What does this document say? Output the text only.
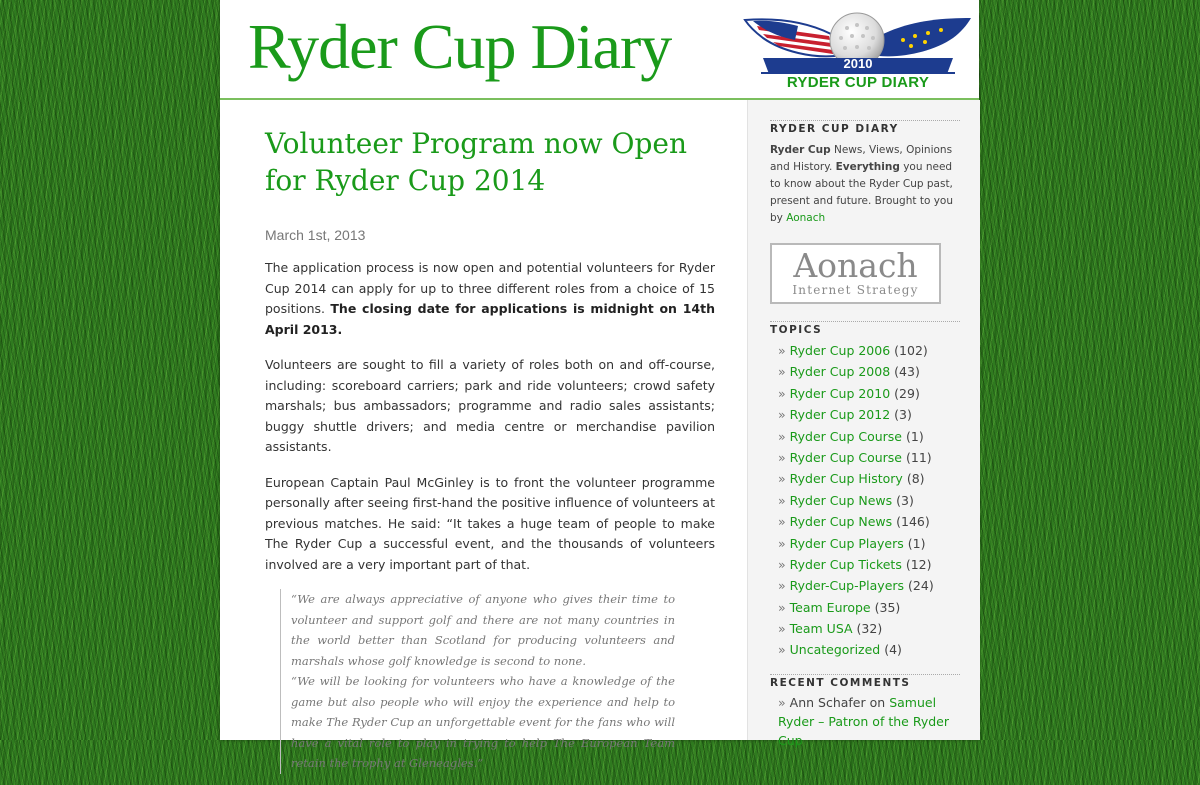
Ryder Cup Diary	2010
RYDER CUP DIARY
Volunteer Program now Open for Ryder Cup 2014
March 1st, 2013

The application process is now open and potential volunteers for Ryder Cup 2014 can apply for up to three different roles from a choice of 15 positions. The closing date for applications is midnight on 14th April 2013.

Volunteers are sought to fill a variety of roles both on and off-course, including: scoreboard carriers; park and ride volunteers; crowd safety marshals; bus ambassadors; programme and radio sales assistants; buggy shuttle drivers; and media centre or merchandise pavilion assistants.

European Captain Paul McGinley is to front the volunteer programme personally after seeing first-hand the positive influence of volunteers at previous matches. He said: “It takes a huge team of people to make The Ryder Cup a successful event, and the thousands of volunteers involved are a very important part of that.

“We are always appreciative of anyone who gives their time to volunteer and support golf and there are not many countries in the world better than Scotland for producing volunteers and marshals whose golf knowledge is second to none.

“We will be looking for volunteers who have a knowledge of the game but also people who will enjoy the experience and help to make The Ryder Cup an unforgettable event for the fans who will have a vital role to play in trying to help The European Team retain the trophy at Gleneagles.”

RYDER CUP DIARY
Ryder Cup News, Views, Opinions and History. Everything you need to know about the Ryder Cup past, present and future. Brought to you by Aonach
Aonach
Internet Strategy
TOPICS
» Ryder Cup 2006 (102)
» Ryder Cup 2008 (43)
» Ryder Cup 2010 (29)
» Ryder Cup 2012 (3)
» Ryder Cup Course (1)
» Ryder Cup Course (11)
» Ryder Cup History (8)
» Ryder Cup News (3)
» Ryder Cup News (146)
» Ryder Cup Players (1)
» Ryder Cup Tickets (12)
» Ryder-Cup-Players (24)
» Team Europe (35)
» Team USA (32)
» Uncategorized (4)
RECENT COMMENTS
» Ann Schafer on Samuel Ryder – Patron of the Ryder Cup
